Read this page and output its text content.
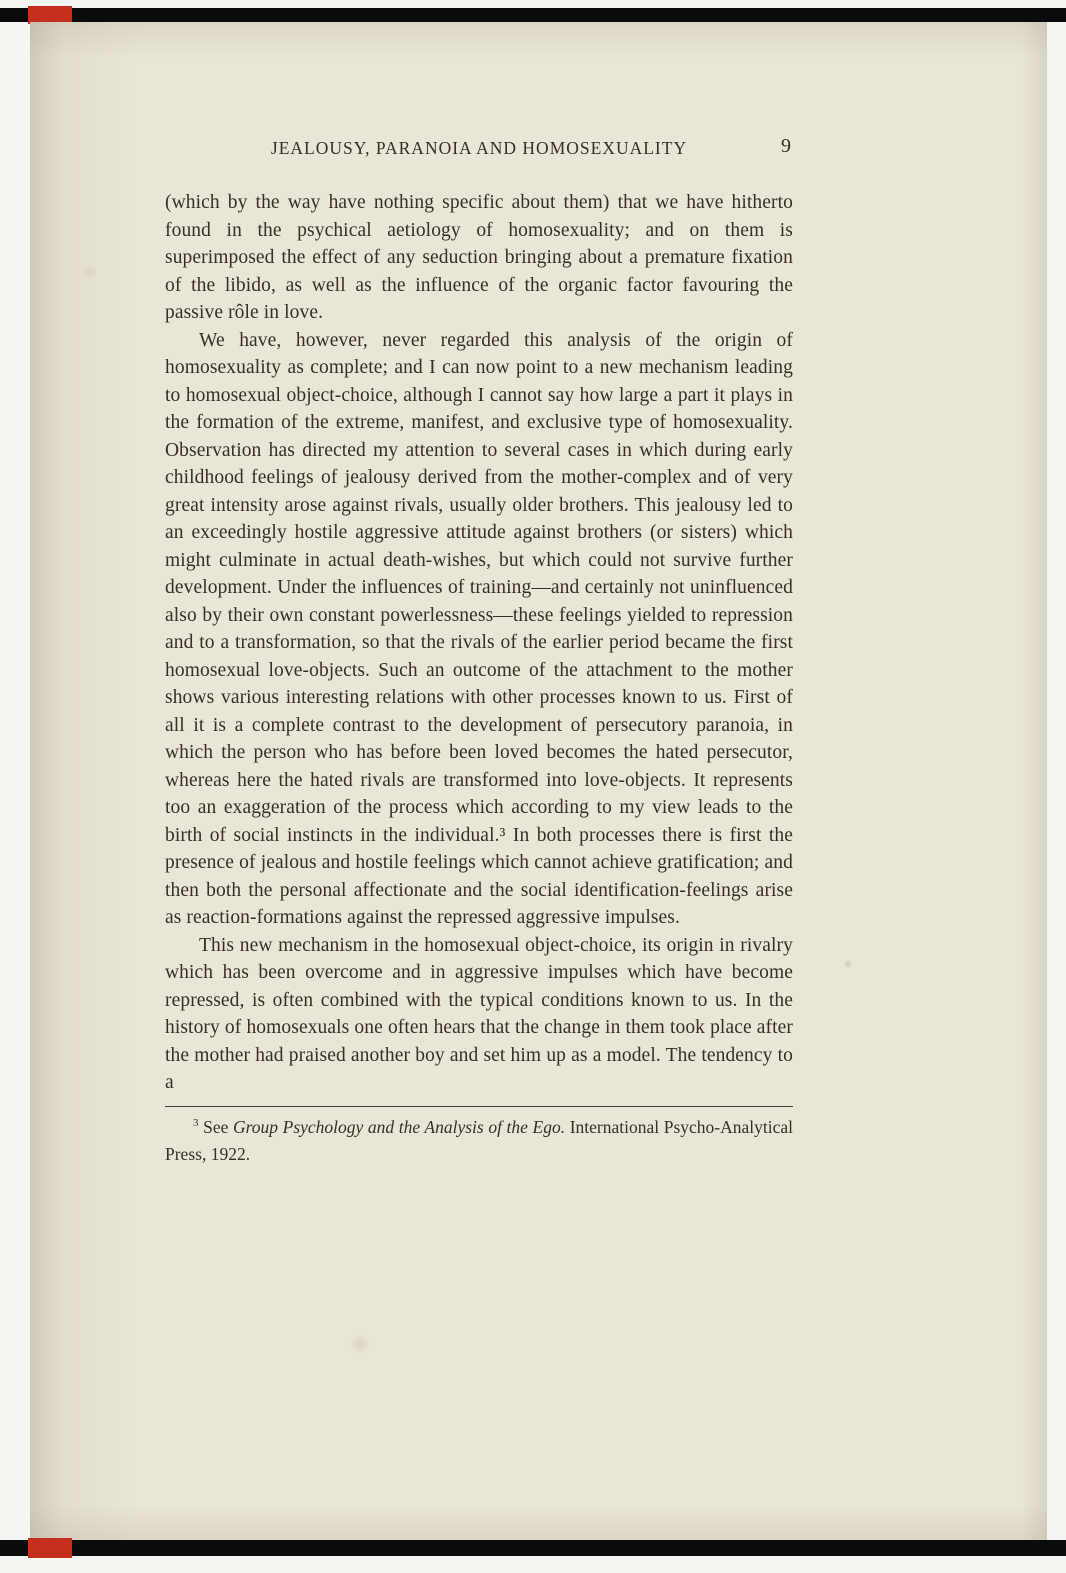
JEALOUSY, PARANOIA AND HOMOSEXUALITY	9

(which by the way have nothing specific about them) that we have hitherto found in the psychical aetiology of homosexuality; and on them is superimposed the effect of any seduction bringing about a premature fixation of the libido, as well as the influence of the organic factor favouring the passive rôle in love.

We have, however, never regarded this analysis of the origin of homosexuality as complete; and I can now point to a new mechanism leading to homosexual object-choice, although I cannot say how large a part it plays in the formation of the extreme, manifest, and exclusive type of homosexuality. Observation has directed my attention to several cases in which during early childhood feelings of jealousy derived from the mother-complex and of very great intensity arose against rivals, usually older brothers. This jealousy led to an exceedingly hostile aggressive attitude against brothers (or sisters) which might culminate in actual death-wishes, but which could not survive further development. Under the influences of training—and certainly not uninfluenced also by their own constant powerlessness—these feelings yielded to repression and to a transformation, so that the rivals of the earlier period became the first homosexual love-objects. Such an outcome of the attachment to the mother shows various interesting relations with other processes known to us. First of all it is a complete contrast to the development of persecutory paranoia, in which the person who has before been loved becomes the hated persecutor, whereas here the hated rivals are transformed into love-objects. It represents too an exaggeration of the process which according to my view leads to the birth of social instincts in the individual.³ In both processes there is first the presence of jealous and hostile feelings which cannot achieve gratification; and then both the personal affectionate and the social identification-feelings arise as reaction-formations against the repressed aggressive impulses.

This new mechanism in the homosexual object-choice, its origin in rivalry which has been overcome and in aggressive impulses which have become repressed, is often combined with the typical conditions known to us. In the history of homosexuals one often hears that the change in them took place after the mother had praised another boy and set him up as a model. The tendency to a

$^3$ See Group Psychology and the Analysis of the Ego. International Psycho-Analytical Press, 1922.
